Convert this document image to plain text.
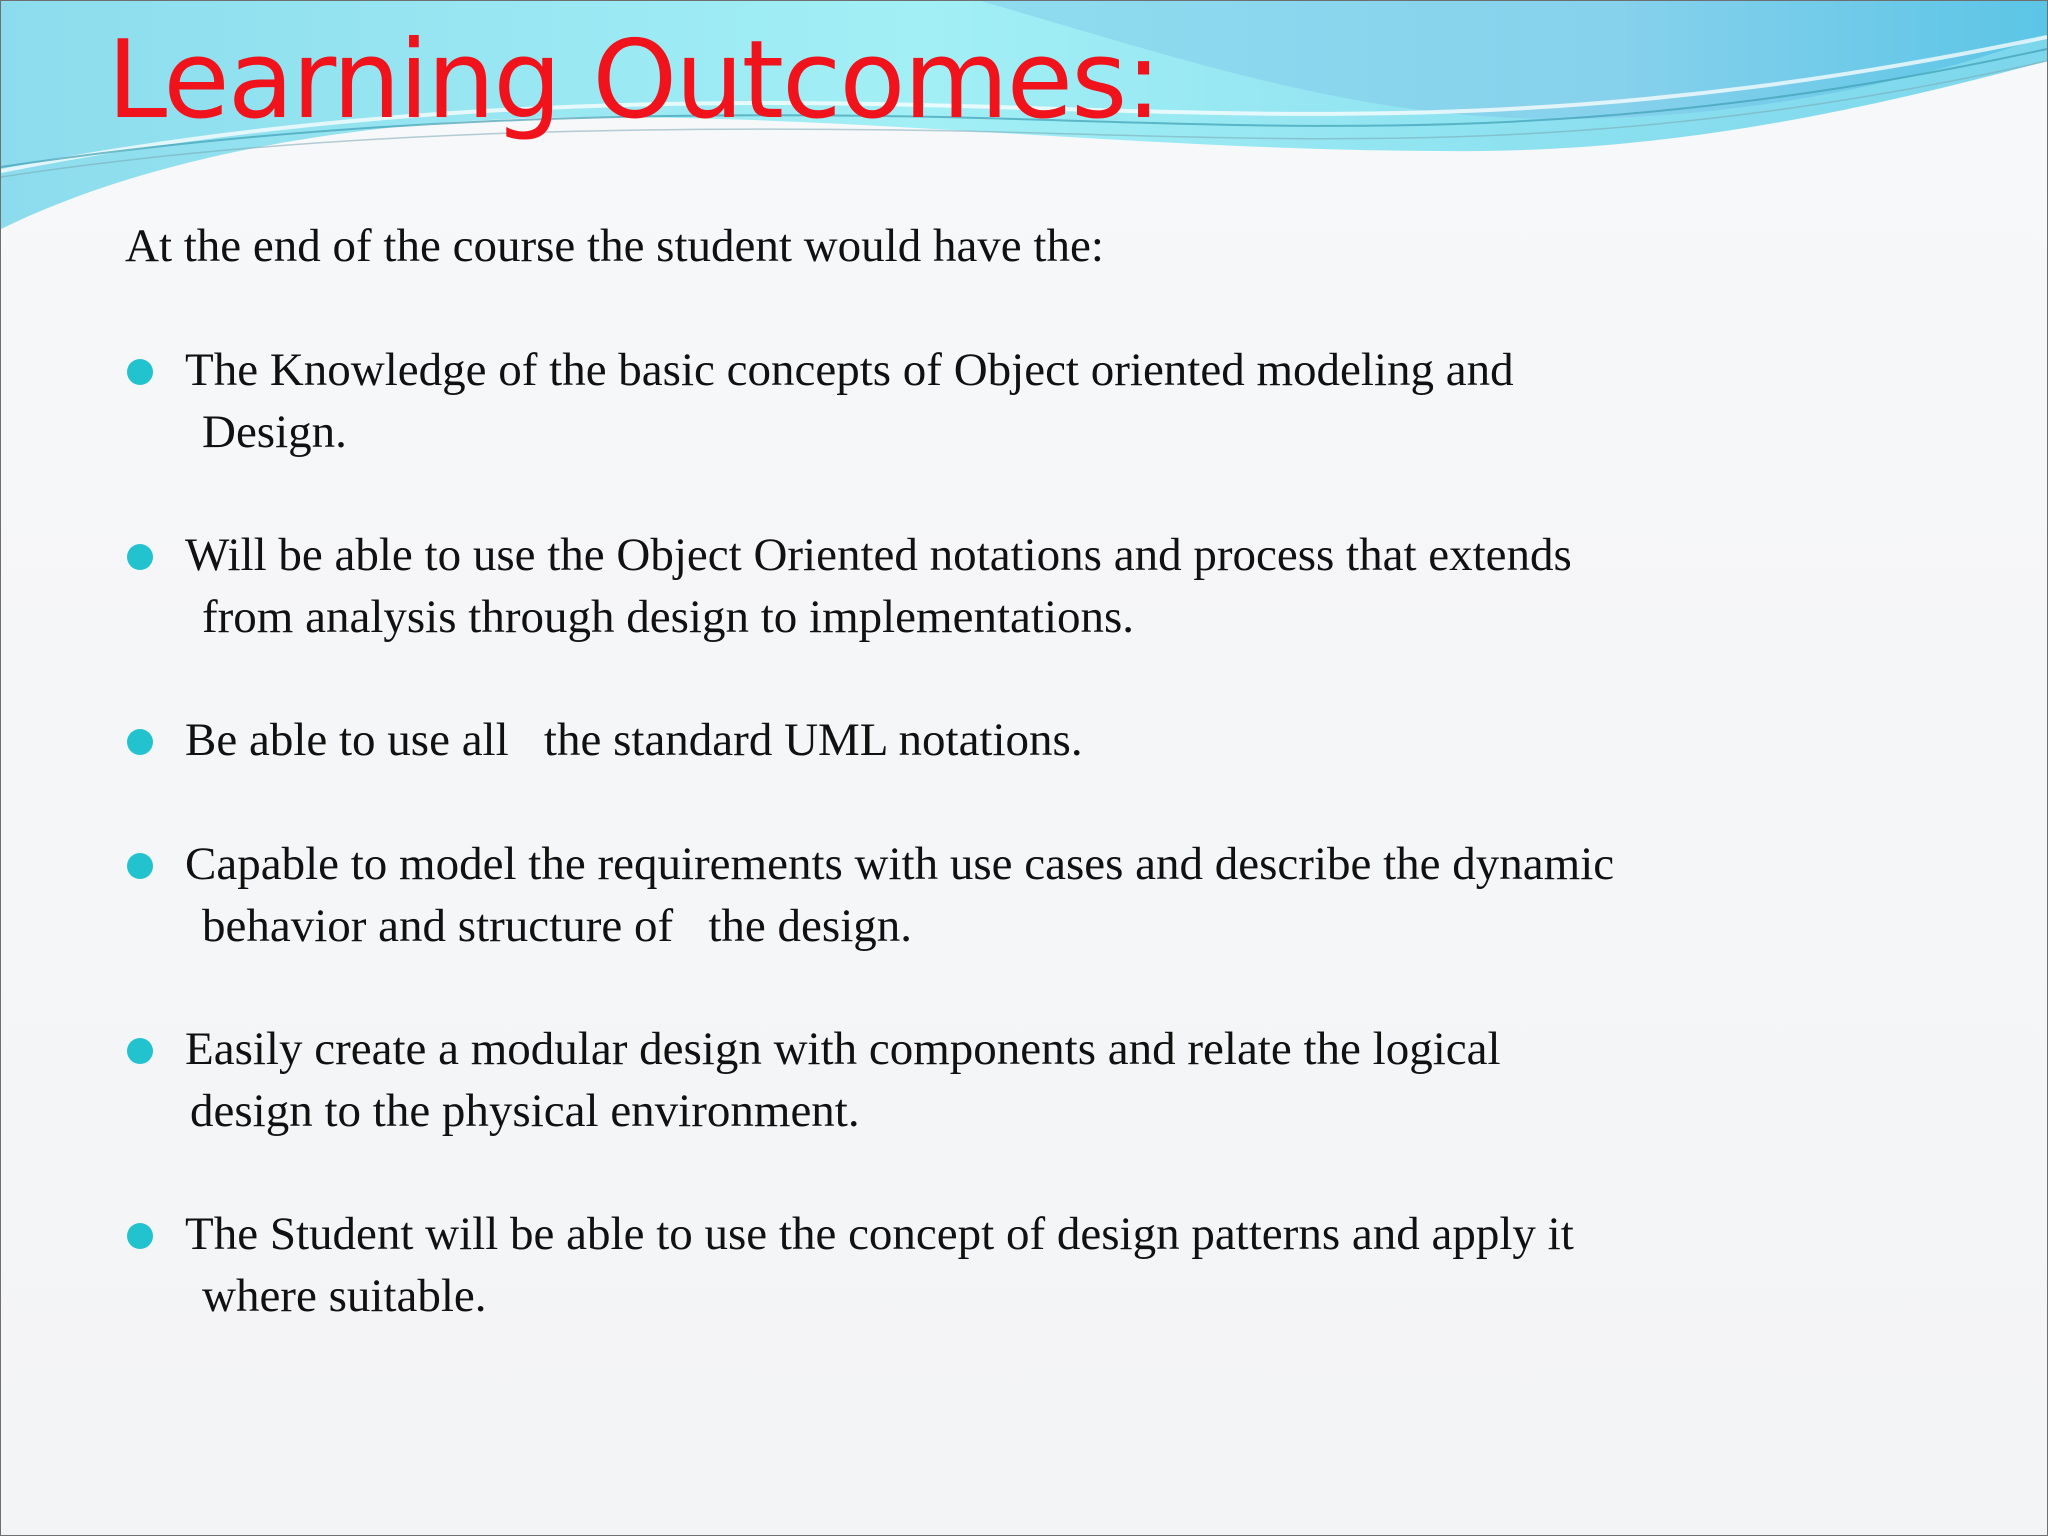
Learning Outcomes:

At the end of the course the student would have the:

The Knowledge of the basic concepts of Object oriented modeling and
Design.
Will be able to use the Object Oriented notations and process that extends
from analysis through design to implementations.
Be able to use all   the standard UML notations.
Capable to model the requirements with use cases and describe the dynamic
behavior and structure of   the design.
Easily create a modular design with components and relate the logical
design to the physical environment.
The Student will be able to use the concept of design patterns and apply it
where suitable.
